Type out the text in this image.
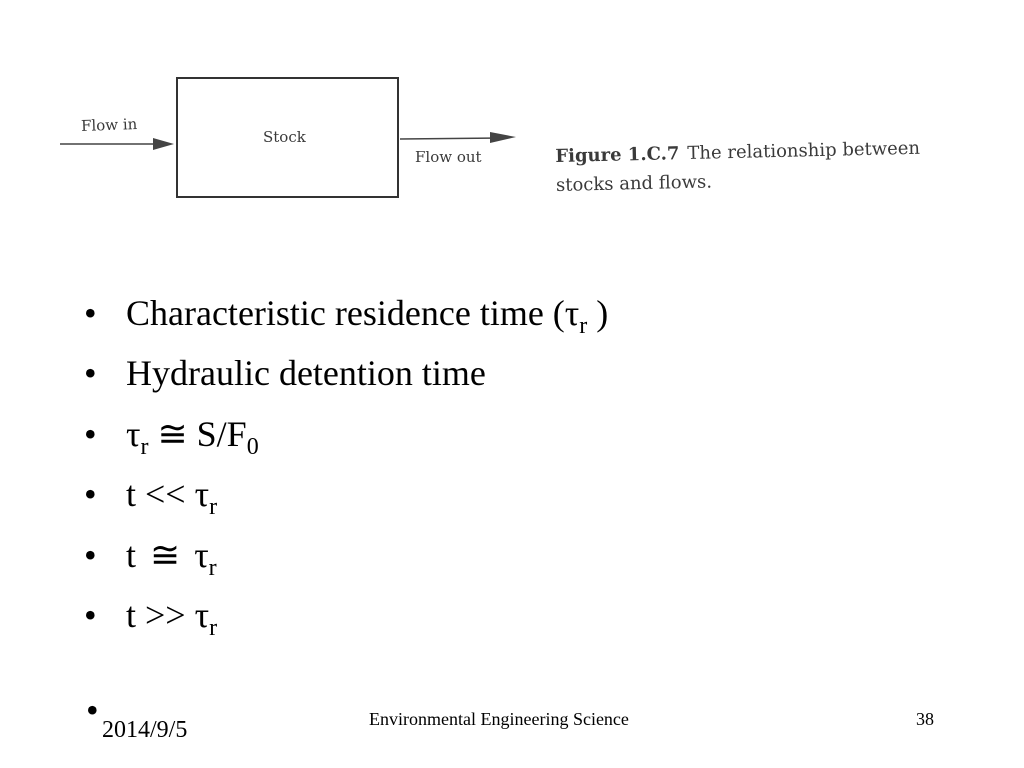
Flow in
Stock
Flow out	Figure 1.C.7 The relationship between
stocks and flows.
• Characteristic residence time ($\tau_r$ )
• Hydraulic detention time
• $\tau_r$ ≅ $S/F_0$
• $t << \tau_r$
• t ≅ $\tau_r$
• $t >> \tau_r$
• 2014/9/5	Environmental Engineering Science	38
